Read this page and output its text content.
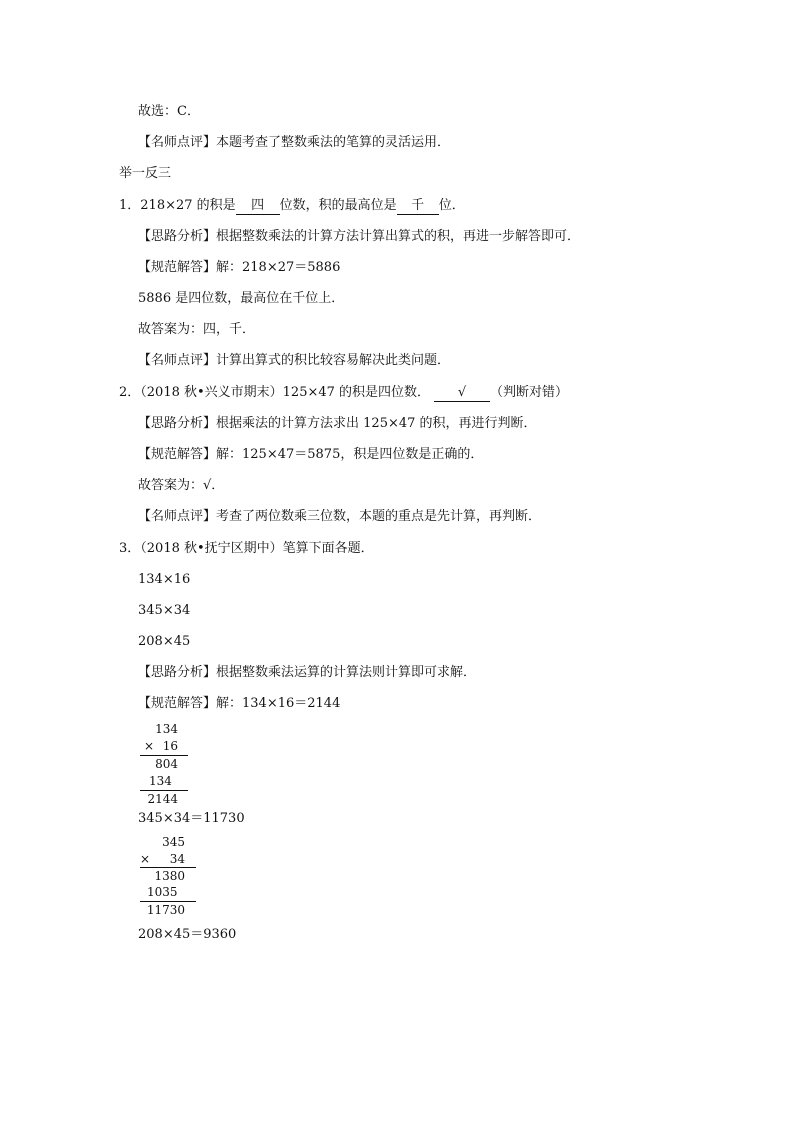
故选：C．
【名师点评】本题考查了整数乘法的笔算的灵活运用．
举一反三
1．218×27 的积是 四 位数，积的最高位是 千 位．
【思路分析】根据整数乘法的计算方法计算出算式的积，再进一步解答即可．
【规范解答】解：218×27＝5886
5886 是四位数，最高位在千位上．
故答案为：四，千．
【名师点评】计算出算式的积比较容易解决此类问题．
2．（2018 秋•兴义市期末）125×47 的积是四位数． √ （判断对错）
【思路分析】根据乘法的计算方法求出 125×47 的积，再进行判断．
【规范解答】解：125×47＝5875，积是四位数是正确的．
故答案为：√．
【名师点评】考查了两位数乘三位数，本题的重点是先计算，再判断．
3．（2018 秋•抚宁区期中）笔算下面各题．
134×16
345×34
208×45
【思路分析】根据整数乘法运算的计算法则计算即可求解．
【规范解答】解：134×16＝2144
134
× 16
804
134
2144
345×34＝11730
345
×	34
1380
1035
11730
208×45＝9360
